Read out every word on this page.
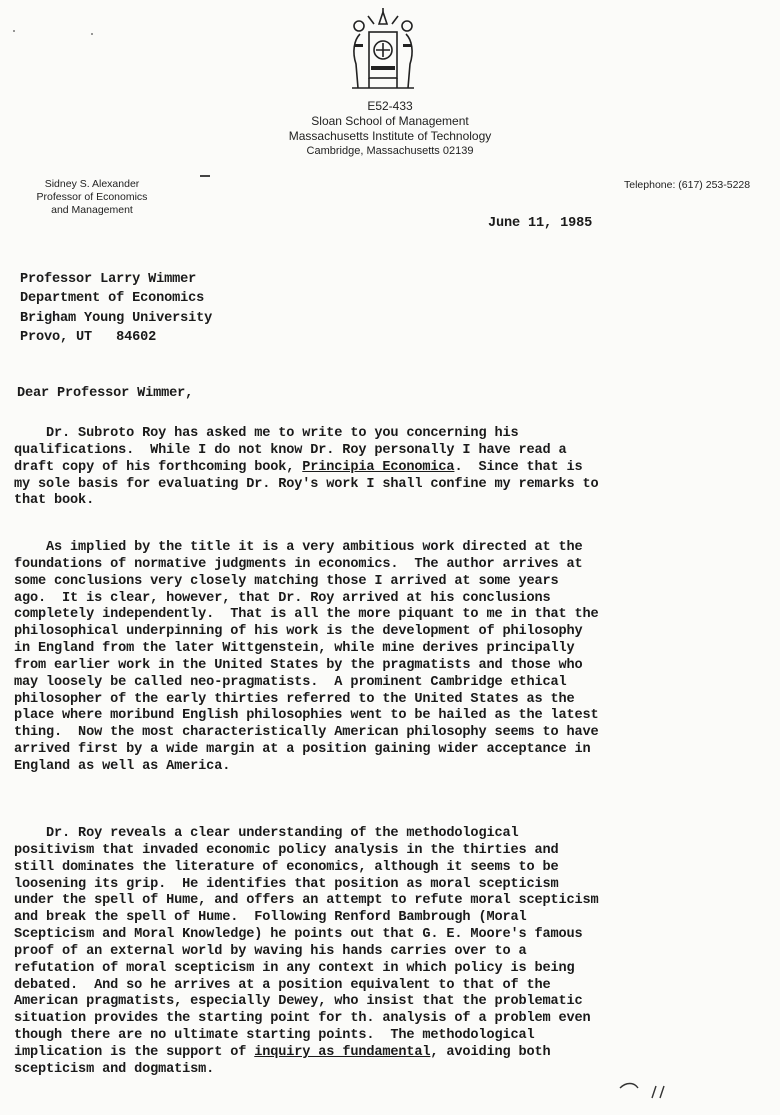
E52-433
Sloan School of Management
Massachusetts Institute of Technology
Cambridge, Massachusetts 02139
Sidney S. Alexander
Professor of Economics
and Management
Telephone: (617) 253-5228
June 11, 1985
Professor Larry Wimmer
Department of Economics
Brigham Young University
Provo, UT   84602
Dear Professor Wimmer,
Dr. Subroto Roy has asked me to write to you concerning his
qualifications.  While I do not know Dr. Roy personally I have read a
draft copy of his forthcoming book, Principia Economica.  Since that is
my sole basis for evaluating Dr. Roy's work I shall confine my remarks to
that book.
As implied by the title it is a very ambitious work directed at the
foundations of normative judgments in economics.  The author arrives at
some conclusions very closely matching those I arrived at some years
ago.  It is clear, however, that Dr. Roy arrived at his conclusions
completely independently.  That is all the more piquant to me in that the
philosophical underpinning of his work is the development of philosophy
in England from the later Wittgenstein, while mine derives principally
from earlier work in the United States by the pragmatists and those who
may loosely be called neo-pragmatists.  A prominent Cambridge ethical
philosopher of the early thirties referred to the United States as the
place where moribund English philosophies went to be hailed as the latest
thing.  Now the most characteristically American philosophy seems to have
arrived first by a wide margin at a position gaining wider acceptance in
England as well as America.
Dr. Roy reveals a clear understanding of the methodological
positivism that invaded economic policy analysis in the thirties and
still dominates the literature of economics, although it seems to be
loosening its grip.  He identifies that position as moral scepticism
under the spell of Hume, and offers an attempt to refute moral scepticism
and break the spell of Hume.  Following Renford Bambrough (Moral
Scepticism and Moral Knowledge) he points out that G. E. Moore's famous
proof of an external world by waving his hands carries over to a
refutation of moral scepticism in any context in which policy is being
debated.  And so he arrives at a position equivalent to that of the
American pragmatists, especially Dewey, who insist that the problematic
situation provides the starting point for th. analysis of a problem even
though there are no ultimate starting points.  The methodological
implication is the support of inquiry as fundamental, avoiding both
scepticism and dogmatism.
